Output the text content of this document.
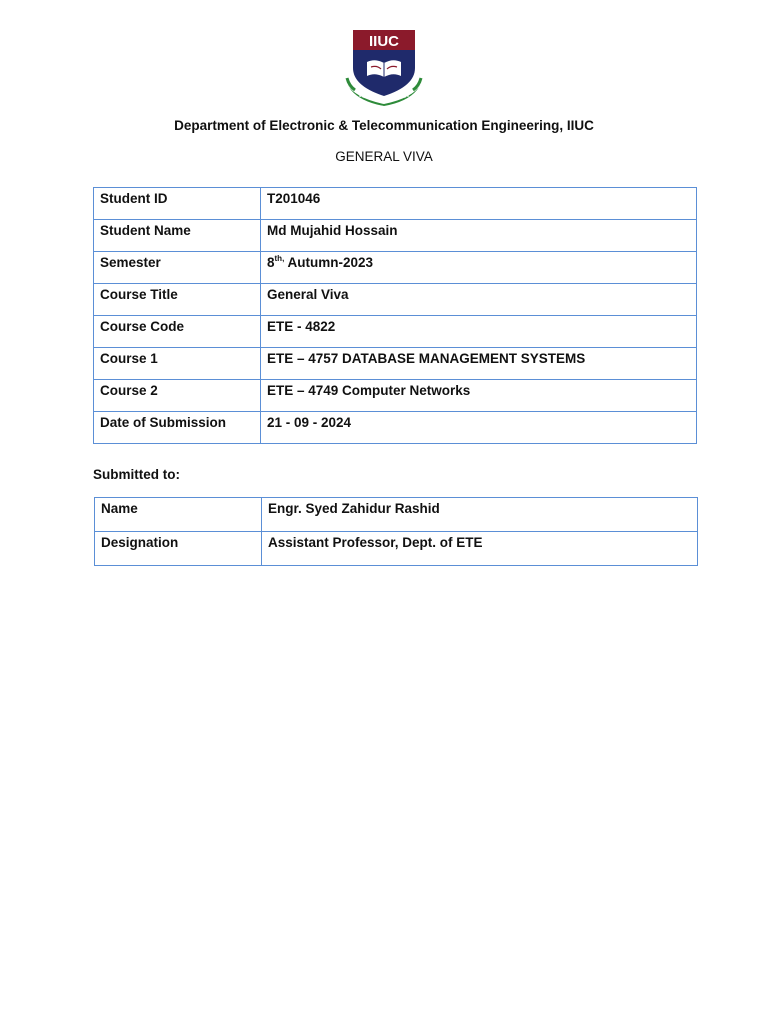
IIUC
Department of Electronic & Telecommunication Engineering, IIUC
GENERAL VIVA
Student ID	T201046
Student Name	Md Mujahid Hossain
Semester	$8^{th,}$ Autumn-2023
Course Title	General Viva
Course Code	ETE - 4822
Course 1	ETE – 4757 DATABASE MANAGEMENT SYSTEMS
Course 2	ETE – 4749 Computer Networks
Date of Submission	21 - 09 - 2024
Submitted to:
Name	Engr. Syed Zahidur Rashid
Designation	Assistant Professor, Dept. of ETE
